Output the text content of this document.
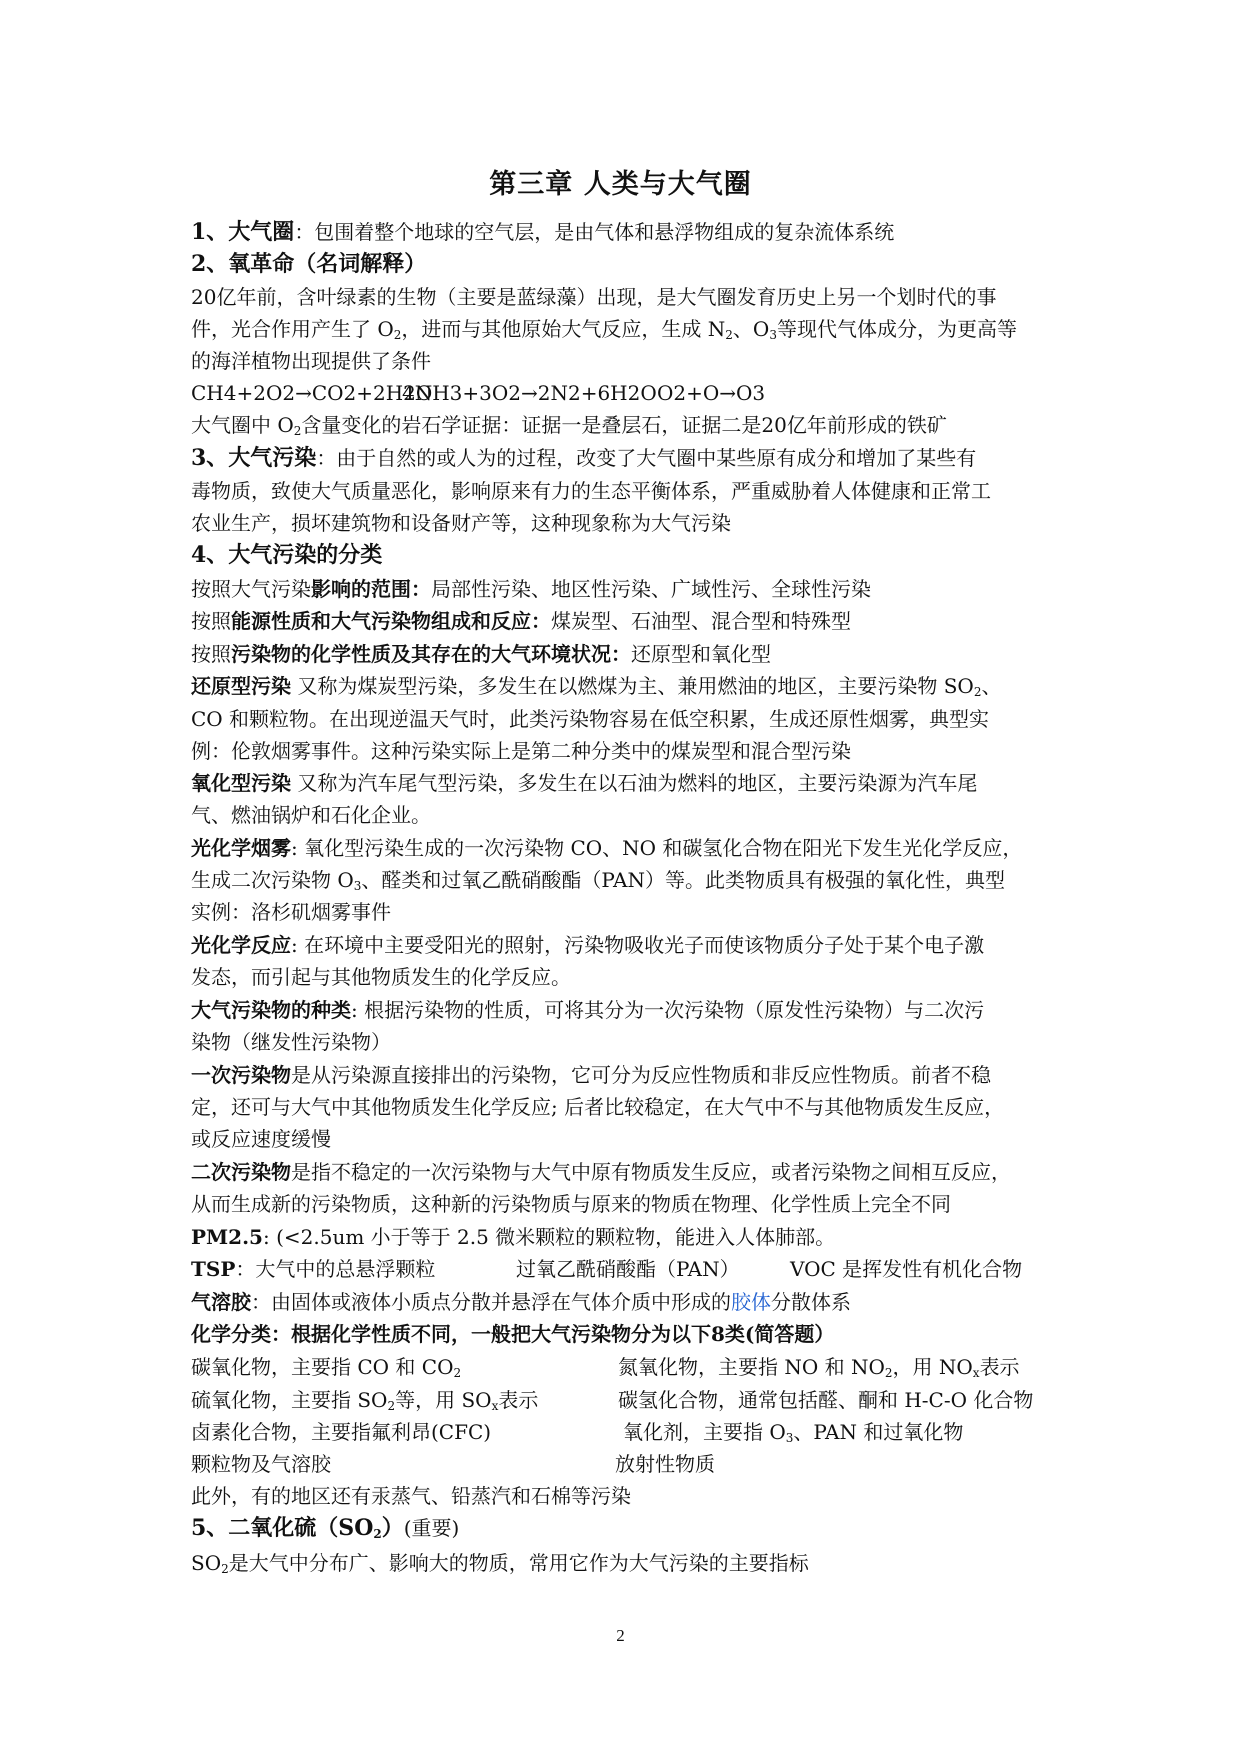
第三章 人类与大气圈
1、大气圈：包围着整个地球的空气层，是由气体和悬浮物组成的复杂流体系统
2、氧革命（名词解释）
20亿年前，含叶绿素的生物（主要是蓝绿藻）出现，是大气圈发育历史上另一个划时代的事
件，光合作用产生了 $O_2$，进而与其他原始大气反应，生成 $N_2$、$O_3$等现代气体成分，为更高等
的海洋植物出现提供了条件
CH4+2O2→CO2+2H2O
4NH3+3O2→2N2+6H2O O2+O→O3
大气圈中 $O_2$含量变化的岩石学证据：证据一是叠层石，证据二是20亿年前形成的铁矿
3、大气污染：由于自然的或人为的过程，改变了大气圈中某些原有成分和增加了某些有
毒物质，致使大气质量恶化，影响原来有力的生态平衡体系，严重威胁着人体健康和正常工
农业生产，损坏建筑物和设备财产等，这种现象称为大气污染
4、大气污染的分类
按照大气污染影响的范围：局部性污染、地区性污染、广域性污、全球性污染
按照能源性质和大气污染物组成和反应：煤炭型、石油型、混合型和特殊型
按照污染物的化学性质及其存在的大气环境状况：还原型和氧化型
还原型污染 又称为煤炭型污染，多发生在以燃煤为主、兼用燃油的地区，主要污染物 $SO_2$、
CO 和颗粒物。在出现逆温天气时，此类污染物容易在低空积累，生成还原性烟雾，典型实
例：伦敦烟雾事件。这种污染实际上是第二种分类中的煤炭型和混合型污染
氧化型污染 又称为汽车尾气型污染，多发生在以石油为燃料的地区，主要污染源为汽车尾
气、燃油锅炉和石化企业。
光化学烟雾: 氧化型污染生成的一次污染物 CO、NO 和碳氢化合物在阳光下发生光化学反应，
生成二次污染物 $O_3$、醛类和过氧乙酰硝酸酯（PAN）等。此类物质具有极强的氧化性，典型
实例：洛杉矶烟雾事件
光化学反应: 在环境中主要受阳光的照射，污染物吸收光子而使该物质分子处于某个电子激
发态，而引起与其他物质发生的化学反应。
大气污染物的种类: 根据污染物的性质，可将其分为一次污染物（原发性污染物）与二次污
染物（继发性污染物）
一次污染物是从污染源直接排出的污染物，它可分为反应性物质和非反应性物质。前者不稳
定，还可与大气中其他物质发生化学反应; 后者比较稳定，在大气中不与其他物质发生反应，
或反应速度缓慢
二次污染物是指不稳定的一次污染物与大气中原有物质发生反应，或者污染物之间相互反应，
从而生成新的污染物质，这种新的污染物质与原来的物质在物理、化学性质上完全不同
PM2.5: (<2.5um 小于等于 2.5 微米颗粒的颗粒物，能进入人体肺部。
TSP：大气中的总悬浮颗粒	过氧乙酰硝酸酯（PAN）	VOC 是挥发性有机化合物
气溶胶：由固体或液体小质点分散并悬浮在气体介质中形成的胶体分散体系
化学分类：根据化学性质不同，一般把大气污染物分为以下8类(简答题）
碳氧化物，主要指 CO 和 $CO_2$	氮氧化物，主要指 NO 和 $NO_2$，用 $NO_x$表示
硫氧化物，主要指 $SO_2$等，用 $SO_x$表示	碳氢化合物，通常包括醛、酮和 H-C-O 化合物
卤素化合物，主要指氟利昂(CFC)	氧化剂，主要指 $O_3$、PAN 和过氧化物
颗粒物及气溶胶	放射性物质
此外，有的地区还有汞蒸气、铅蒸汽和石棉等污染
5、二氧化硫$(SO_2)$(重要)
$SO_2$是大气中分布广、影响大的物质，常用它作为大气污染的主要指标
2
